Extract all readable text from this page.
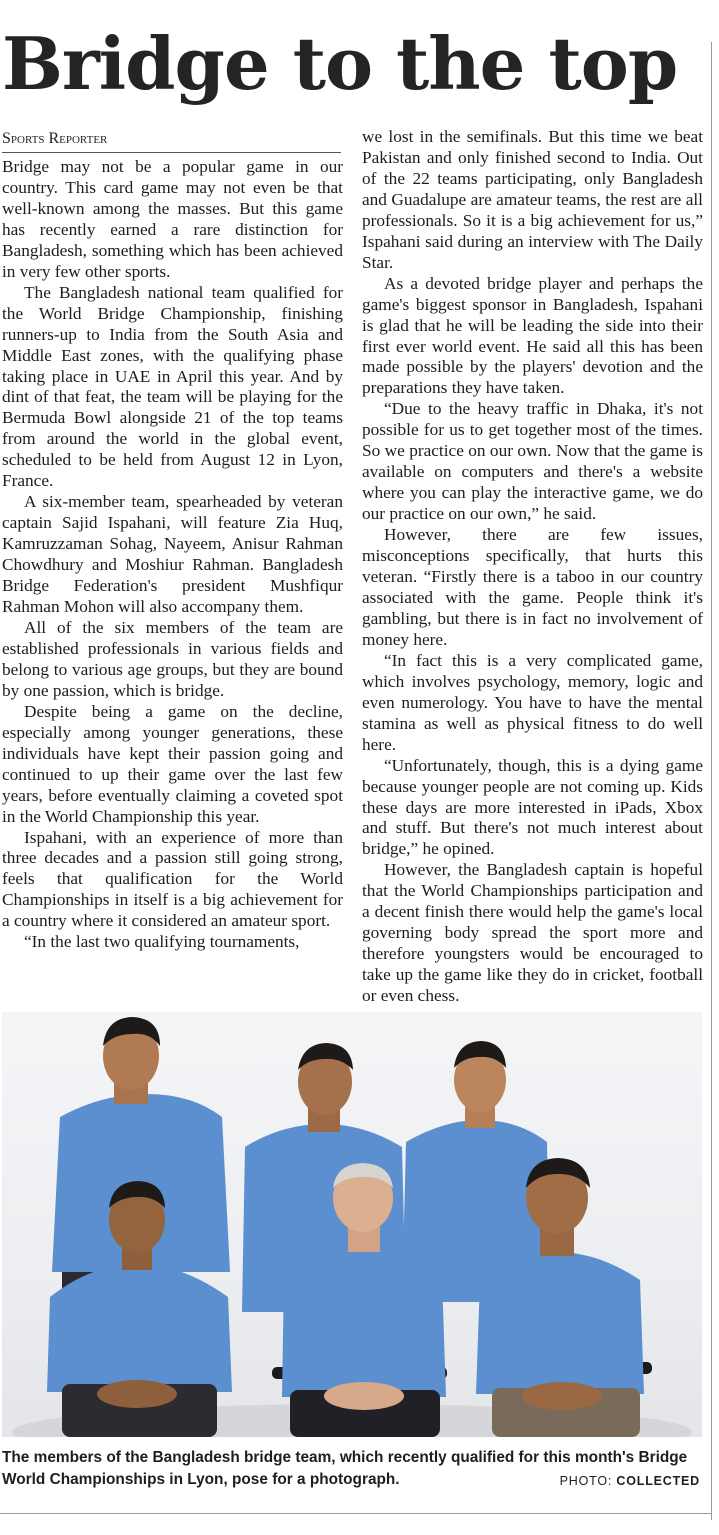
Bridge to the top
Sports Reporter

Bridge may not be a popular game in our country. This card game may not even be that well-known among the masses. But this game has recently earned a rare distinction for Bangladesh, something which has been achieved in very few other sports.

The Bangladesh national team qualified for the World Bridge Championship, finishing runners-up to India from the South Asia and Middle East zones, with the qualifying phase taking place in UAE in April this year. And by dint of that feat, the team will be playing for the Bermuda Bowl alongside 21 of the top teams from around the world in the global event, scheduled to be held from August 12 in Lyon, France.

A six-member team, spearheaded by veteran captain Sajid Ispahani, will feature Zia Huq, Kamruzzaman Sohag, Nayeem, Anisur Rahman Chowdhury and Moshiur Rahman. Bangladesh Bridge Federation's president Mushfiqur Rahman Mohon will also accompany them.

All of the six members of the team are established professionals in various fields and belong to various age groups, but they are bound by one passion, which is bridge.

Despite being a game on the decline, especially among younger generations, these individuals have kept their passion going and continued to up their game over the last few years, before eventually claiming a coveted spot in the World Championship this year.

Ispahani, with an experience of more than three decades and a passion still going strong, feels that qualification for the World Championships in itself is a big achievement for a country where it considered an amateur sport.

“In the last two qualifying tournaments,

we lost in the semifinals. But this time we beat Pakistan and only finished second to India. Out of the 22 teams participating, only Bangladesh and Guadalupe are amateur teams, the rest are all professionals. So it is a big achievement for us,” Ispahani said during an interview with The Daily Star.

As a devoted bridge player and perhaps the game's biggest sponsor in Bangladesh, Ispahani is glad that he will be leading the side into their first ever world event. He said all this has been made possible by the players' devotion and the preparations they have taken.

“Due to the heavy traffic in Dhaka, it's not possible for us to get together most of the times. So we practice on our own. Now that the game is available on computers and there's a website where you can play the interactive game, we do our practice on our own,” he said.

However, there are few issues, misconceptions specifically, that hurts this veteran. “Firstly there is a taboo in our country associated with the game. People think it's gambling, but there is in fact no involvement of money here.

“In fact this is a very complicated game, which involves psychology, memory, logic and even numerology. You have to have the mental stamina as well as physical fitness to do well here.

“Unfortunately, though, this is a dying game because younger people are not coming up. Kids these days are more interested in iPads, Xbox and stuff. But there's not much interest about bridge,” he opined.

However, the Bangladesh captain is hopeful that the World Championships participation and a decent finish there would help the game's local governing body spread the sport more and therefore youngsters would be encouraged to take up the game like they do in cricket, football or even chess.

The members of the Bangladesh bridge team, which recently qualified for this month's Bridge World Championships in Lyon, pose for a photograph.	PHOTO: COLLECTED
